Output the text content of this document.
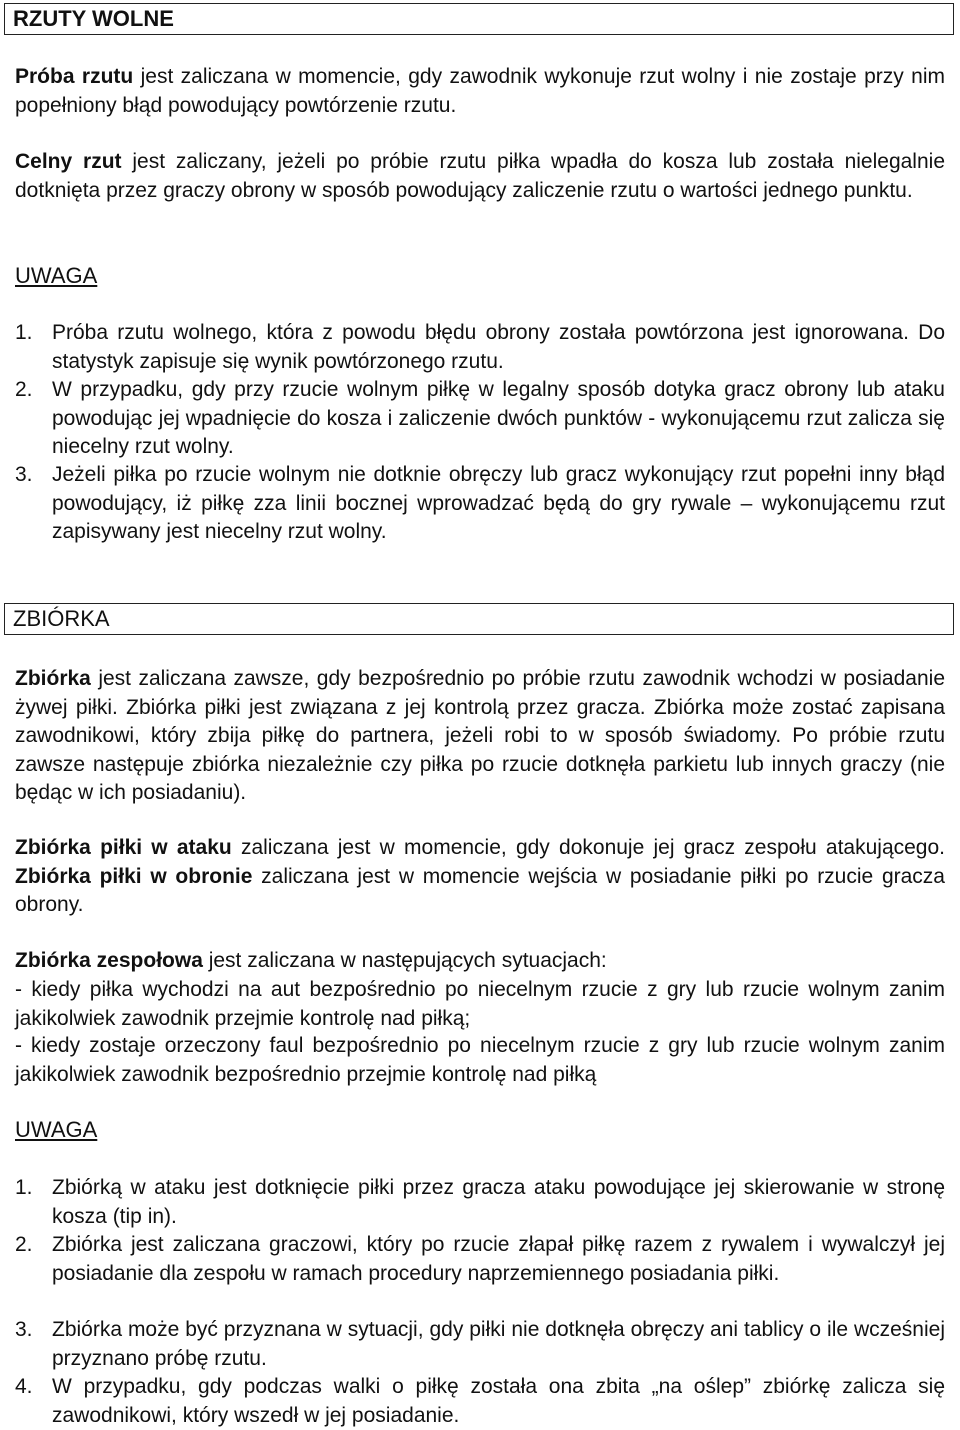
RZUTY WOLNE
Próba rzutu jest zaliczana w momencie, gdy zawodnik wykonuje rzut wolny i nie zostaje przy nim popełniony błąd powodujący powtórzenie rzutu.
Celny rzut jest zaliczany, jeżeli po próbie rzutu piłka wpadła do kosza lub została nielegalnie dotknięta przez graczy obrony w sposób powodujący zaliczenie rzutu o wartości jednego punktu.
UWAGA
1. Próba rzutu wolnego, która z powodu błędu obrony została powtórzona jest ignorowana. Do statystyk zapisuje się wynik powtórzonego rzutu.
2. W przypadku, gdy przy rzucie wolnym piłkę w legalny sposób dotyka gracz obrony lub ataku powodując jej wpadnięcie do kosza i zaliczenie dwóch punktów - wykonującemu rzut zalicza się niecelny rzut wolny.
3. Jeżeli piłka po rzucie wolnym nie dotknie obręczy lub gracz wykonujący rzut popełni inny błąd powodujący, iż piłkę zza linii bocznej wprowadzać będą do gry rywale – wykonującemu rzut zapisywany jest niecelny rzut wolny.
ZBIÓRKA
Zbiórka jest zaliczana zawsze, gdy bezpośrednio po próbie rzutu zawodnik wchodzi w posiadanie żywej piłki. Zbiórka piłki jest związana z jej kontrolą przez gracza. Zbiórka może zostać zapisana zawodnikowi, który zbija piłkę do partnera, jeżeli robi to w sposób świadomy. Po próbie rzutu zawsze następuje zbiórka niezależnie czy piłka po rzucie dotknęła parkietu lub innych graczy (nie będąc w ich posiadaniu).
Zbiórka piłki w ataku zaliczana jest w momencie, gdy dokonuje jej gracz zespołu atakującego. Zbiórka piłki w obronie zaliczana jest w momencie wejścia w posiadanie piłki po rzucie gracza obrony.
Zbiórka zespołowa jest zaliczana w następujących sytuacjach:
- kiedy piłka wychodzi na aut bezpośrednio po niecelnym rzucie z gry lub rzucie wolnym zanim jakikolwiek zawodnik przejmie kontrolę nad piłką;
- kiedy zostaje orzeczony faul bezpośrednio po niecelnym rzucie z gry lub rzucie wolnym zanim jakikolwiek zawodnik bezpośrednio przejmie kontrolę nad piłką
UWAGA
1. Zbiórką w ataku jest dotknięcie piłki przez gracza ataku powodujące jej skierowanie w stronę kosza (tip in).
2. Zbiórka jest zaliczana graczowi, który po rzucie złapał piłkę razem z rywalem i wywalczył jej posiadanie dla zespołu w ramach procedury naprzemiennego posiadania piłki.
3. Zbiórka może być przyznana w sytuacji, gdy piłki nie dotknęła obręczy ani tablicy o ile wcześniej przyznano próbę rzutu.
4. W przypadku, gdy podczas walki o piłkę została ona zbita „na oślep” zbiórkę zalicza się zawodnikowi, który wszedł w jej posiadanie.
